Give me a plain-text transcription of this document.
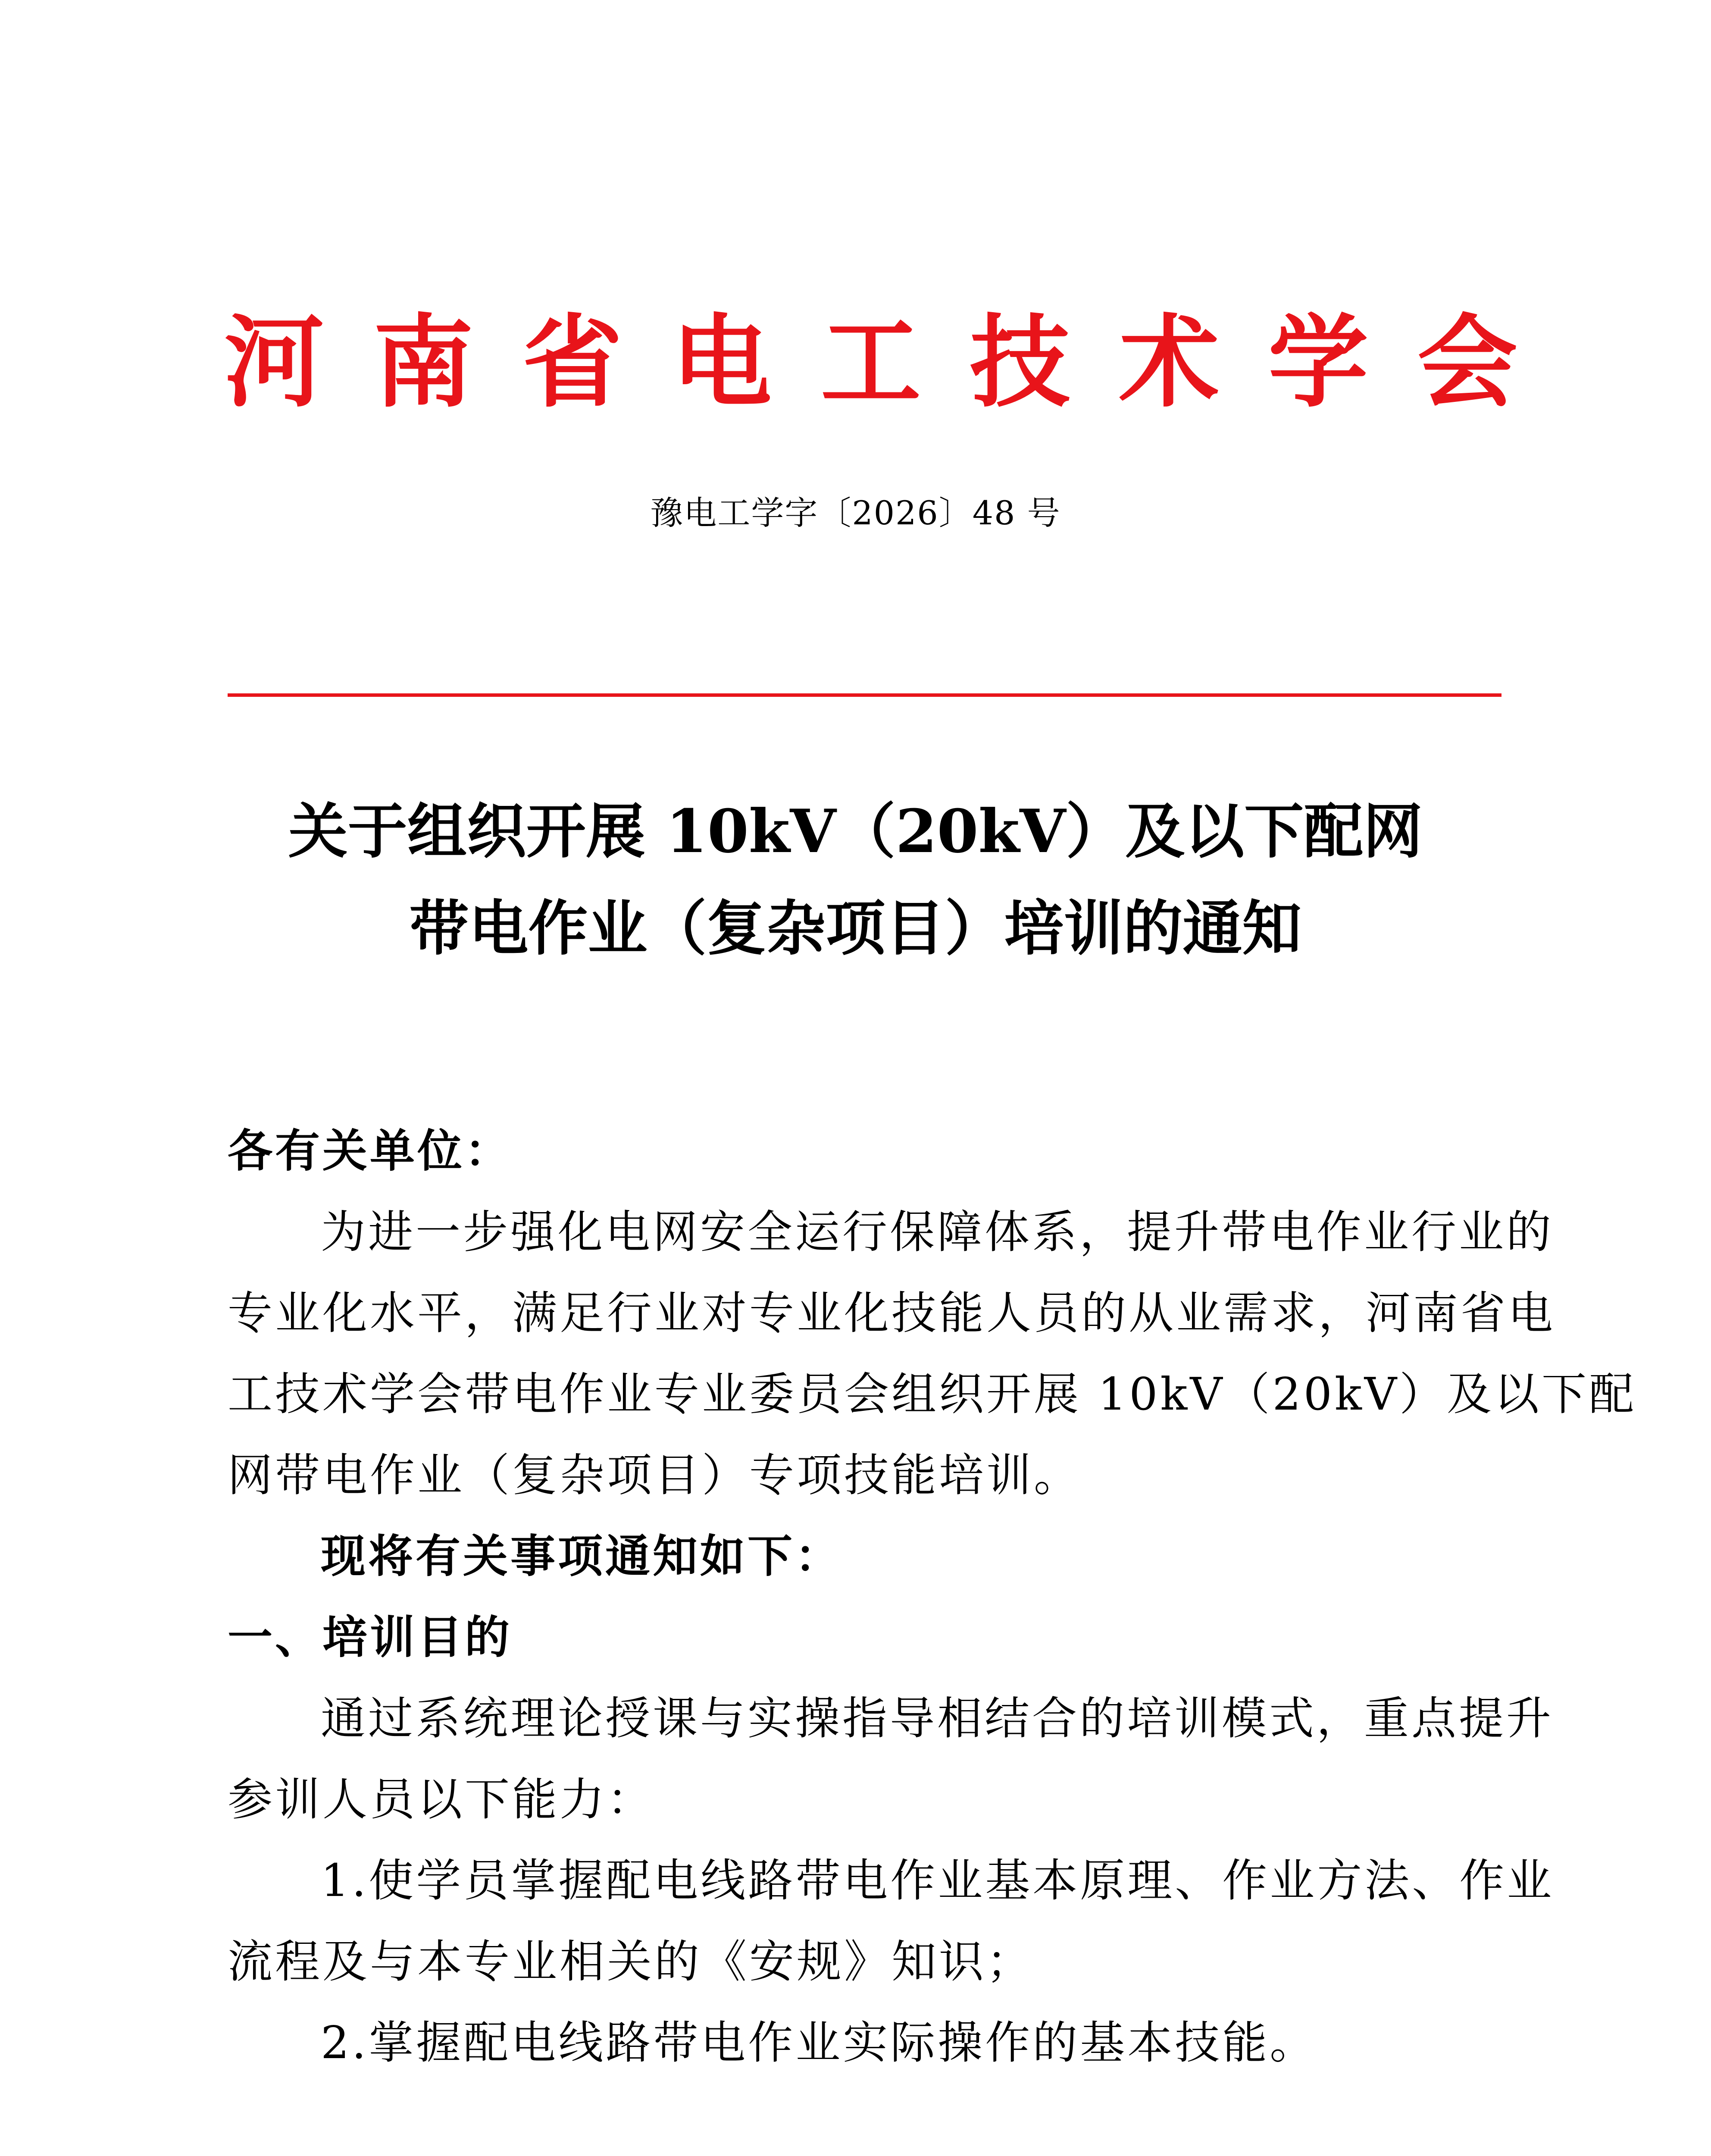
河 南 省 电 工 技 术 学 会
豫电工学字〔2026〕48 号
关于组织开展 10kV（20kV）及以下配网
带电作业（复杂项目）培训的通知
各有关单位：
为进一步强化电网安全运行保障体系，提升带电作业行业的
专业化水平，满足行业对专业化技能人员的从业需求，河南省电
工技术学会带电作业专业委员会组织开展 10kV（20kV）及以下配
网带电作业（复杂项目）专项技能培训。
现将有关事项通知如下：
一、培训目的
通过系统理论授课与实操指导相结合的培训模式，重点提升
参训人员以下能力：
1.使学员掌握配电线路带电作业基本原理、作业方法、作业
流程及与本专业相关的《安规》知识；
2.掌握配电线路带电作业实际操作的基本技能。
